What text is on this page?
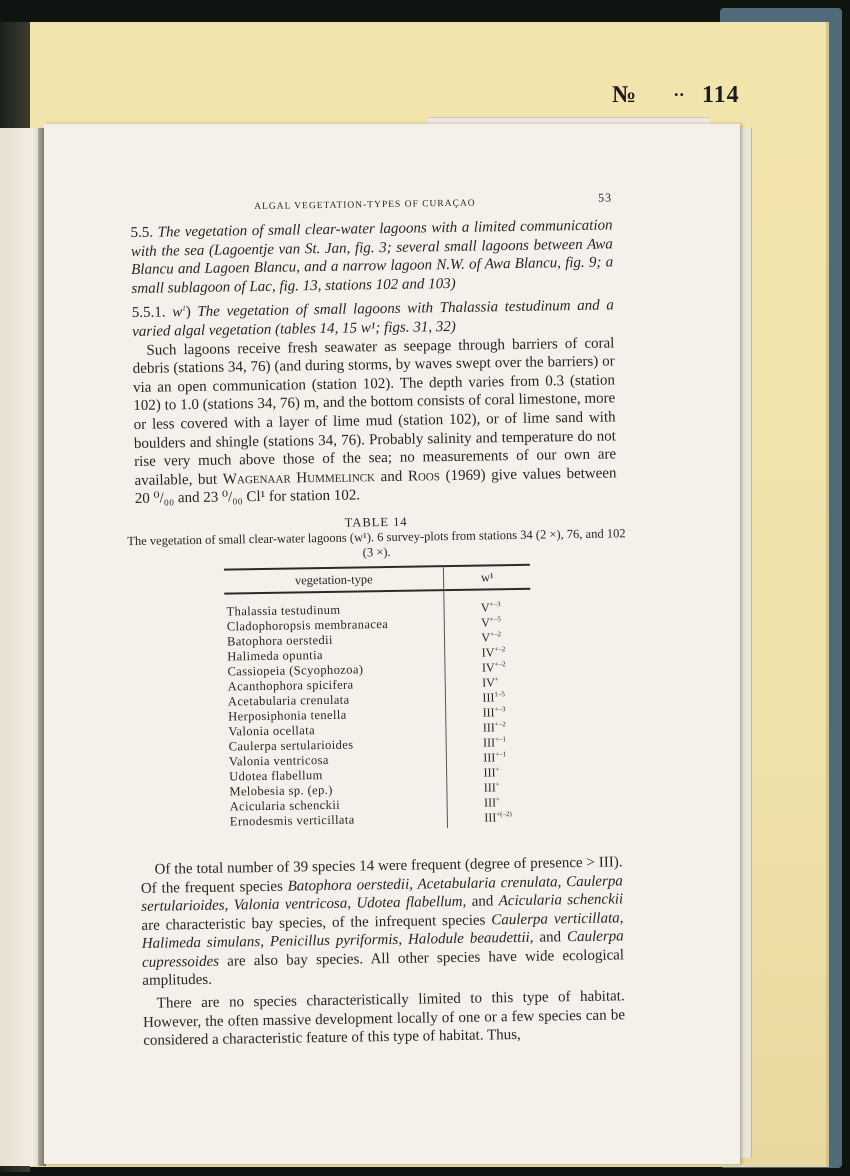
№ .. 114
ALGAL VEGETATION-TYPES OF CURAÇAO
53

5.5. The vegetation of small clear-water lagoons with a limited communication with the sea (Lagoentje van St. Jan, fig. 3; several small lagoons between Awa Blancu and Lagoen Blancu, and a narrow lagoon N.W. of Awa Blancu, fig. 9; a small sublagoon of Lac, fig. 13, stations 102 and 103)

5.5.1. $w^1$) The vegetation of small lagoons with Thalassia testudinum and a varied algal vegetation (tables 14, 15 w¹; figs. 31, 32)

Such lagoons receive fresh seawater as seepage through barriers of coral debris (stations 34, 76) (and during storms, by waves swept over the barriers) or via an open communication (station 102). The depth varies from 0.3 (station 102) to 1.0 (stations 34, 76) m, and the bottom consists of coral limestone, more or less covered with a layer of lime mud (station 102), or of lime sand with boulders and shingle (stations 34, 76). Probably salinity and temperature do not rise very much above those of the sea; no measurements of our own are available, but Wagenaar Hummelinck and Roos (1969) give values between 20 ⁰/₀₀ and 23 ⁰/₀₀ Cl¹ for station 102.

TABLE 14
The vegetation of small clear-water lagoons (w¹). 6 survey-plots from stations 34 (2 ×), 76, and 102 (3 ×).
vegetation-type	w¹
Thalassia testudinum	$V^{+-3}$
Cladophoropsis membranacea	$V^{+-5}$
Batophora oerstedii	$V^{+-2}$
Halimeda opuntia	$IV^{+-2}$
Cassiopeia (Scyophozoa)	$IV^{+-2}$
Acanthophora spicifera	IV+
Acetabularia crenulata	III$^{1-5}$
Herposiphonia tenella	$III^{+-3}$
Valonia ocellata	$III^{+-2}$
Caulerpa sertularioides	$III^{+-1}$
Valonia ventricosa	$III^{+-1}$
Udotea flabellum	III+
Melobesia sp. (ep.)	III+
Acicularia schenckii	III+
Ernodesmis verticillata	$III^{+(-2)}$

Of the total number of 39 species 14 were frequent (degree of presence > III). Of the frequent species Batophora oerstedii, Acetabularia crenulata, Caulerpa sertularioides, Valonia ventricosa, Udotea flabellum, and Acicularia schenckii are characteristic bay species, of the infrequent species Caulerpa verticillata, Halimeda simulans, Penicillus pyriformis, Halodule beaudettii, and Caulerpa cupressoides are also bay species. All other species have wide ecological amplitudes.

There are no species characteristically limited to this type of habitat. However, the often massive development locally of one or a few species can be considered a characteristic feature of this type of habitat. Thus,
